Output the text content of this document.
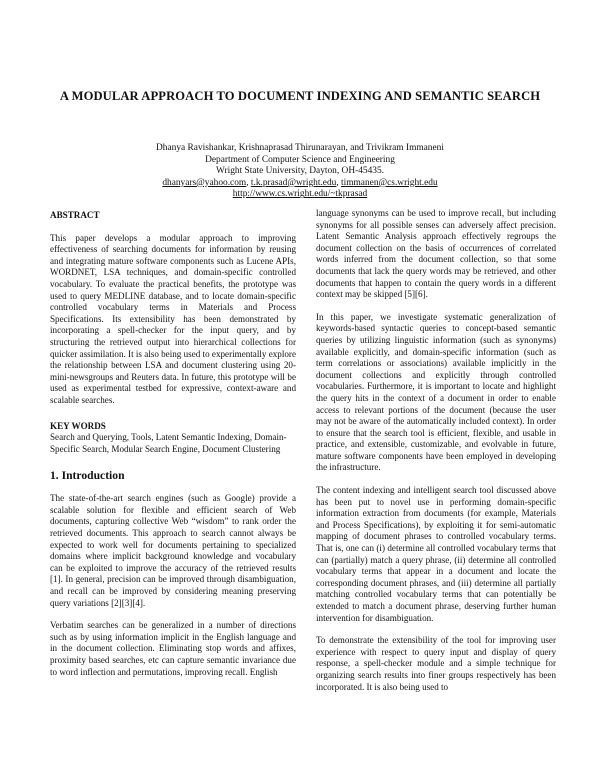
A MODULAR APPROACH TO DOCUMENT INDEXING AND SEMANTIC SEARCH
Dhanya Ravishankar, Krishnaprasad Thirunarayan, and Trivikram Immaneni
Department of Computer Science and Engineering
Wright State University, Dayton, OH-45435.
dhanyars@yahoo.com, t.k.prasad@wright.edu, timmanen@cs.wright.edu
http://www.cs.wright.edu/~tkprasad

ABSTRACT

This paper develops a modular approach to improving effectiveness of searching documents for information by reusing and integrating mature software components such as Lucene APIs, WORDNET, LSA techniques, and domain-specific controlled vocabulary. To evaluate the practical benefits, the prototype was used to query MEDLINE database, and to locate domain-specific controlled vocabulary terms in Materials and Process Specifications. Its extensibility has been demonstrated by incorporating a spell-checker for the input query, and by structuring the retrieved output into hierarchical collections for quicker assimilation. It is also being used to experimentally explore the relationship between LSA and document clustering using 20-mini-newsgroups and Reuters data. In future, this prototype will be used as experimental testbed for expressive, context-aware and scalable searches.

KEY WORDS

Search and Querying, Tools, Latent Semantic Indexing, Domain-Specific Search, Modular Search Engine, Document Clustering

1. Introduction

The state-of-the-art search engines (such as Google) provide a scalable solution for flexible and efficient search of Web documents, capturing collective Web “wisdom” to rank order the retrieved documents. This approach to search cannot always be expected to work well for documents pertaining to specialized domains where implicit background knowledge and vocabulary can be exploited to improve the accuracy of the retrieved results [1]. In general, precision can be improved through disambiguation, and recall can be improved by considering meaning preserving query variations [2][3][4].

Verbatim searches can be generalized in a number of directions such as by using information implicit in the English language and in the document collection. Eliminating stop words and affixes, proximity based searches, etc can capture semantic invariance due to word inflection and permutations, improving recall. English

language synonyms can be used to improve recall, but including synonyms for all possible senses can adversely affect precision. Latent Semantic Analysis approach effectively regroups the document collection on the basis of occurrences of correlated words inferred from the document collection, so that some documents that lack the query words may be retrieved, and other documents that happen to contain the query words in a different context may be skipped [5][6].

In this paper, we investigate systematic generalization of keywords-based syntactic queries to concept-based semantic queries by utilizing linguistic information (such as synonyms) available explicitly, and domain-specific information (such as term correlations or associations) available implicitly in the document collections and explicitly through controlled vocabularies. Furthermore, it is important to locate and highlight the query hits in the context of a document in order to enable access to relevant portions of the document (because the user may not be aware of the automatically included context). In order to ensure that the search tool is efficient, flexible, and usable in practice, and extensible, customizable, and evolvable in future, mature software components have been employed in developing the infrastructure.

The content indexing and intelligent search tool discussed above has been put to novel use in performing domain-specific information extraction from documents (for example, Materials and Process Specifications), by exploiting it for semi-automatic mapping of document phrases to controlled vocabulary terms. That is, one can (i) determine all controlled vocabulary terms that can (partially) match a query phrase, (ii) determine all controlled vocabulary terms that appear in a document and locate the corresponding document phrases, and (iii) determine all partially matching controlled vocabulary terms that can potentially be extended to match a document phrase, deserving further human intervention for disambiguation.

To demonstrate the extensibility of the tool for improving user experience with respect to query input and display of query response, a spell-checker module and a simple technique for organizing search results into finer groups respectively has been incorporated. It is also being used to
